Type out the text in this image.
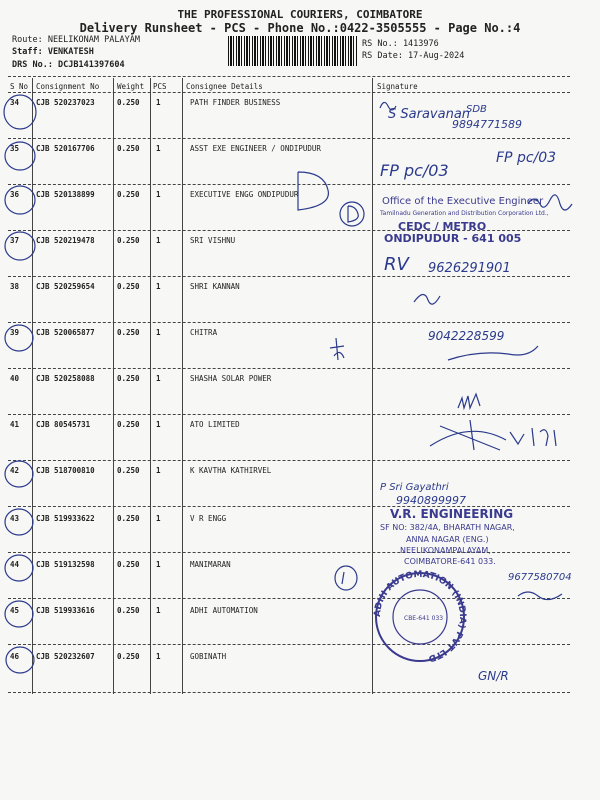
THE PROFESSIONAL COURIERS, COIMBATORE
Delivery Runsheet - PCS - Phone No.:0422-3505555 - Page No.:4
Route: NEELIKONAM PALAYAM
Staff: VENKATESH
DRS No.: DCJB141397604
RS No.: 1413976
RS Date: 17-Aug-2024
S No Consignment No Weight PCS	Consignee Details	Signature
34 CJB 520237023	0.250 1	PATH FINDER BUSINESS
35 CJB 520167706	0.250 1	ASST EXE ENGINEER / ONDIPUDUR
36 CJB 520138899	0.250 1	EXECUTIVE ENGG ONDIPUDUR
37 CJB 520219478	0.250 1	SRI VISHNU
38 CJB 520259654	0.250 1	SHRI KANNAN
39 CJB 520065877	0.250 1	CHITRA
40 CJB 520258088	0.250 1	SHASHA SOLAR POWER
41 CJB 80545731	0.250 1	ATO LIMITED
42 CJB 518700810	0.250 1	K KAVTHA KATHIRVEL
43 CJB 519933622	0.250 1	V R ENGG
44 CJB 519132598	0.250 1	MANIMARAN
45 CJB 519933616	0.250 1	ADHI AUTOMATION
46 CJB 520232607	0.250 1	GOBINATH
S Saravanan
SDB
9894771589
FP pc/03
FP pc/03
Office of the Executive Engineer
Tamilnadu Generation and Distribution Corporation Ltd.,
CEDC / METRO
ONDIPUDUR - 641 005
RV 9626291901
9042228599
P Sri Gayathri
9940899997
V.R. ENGINEERING
SF NO: 382/4A, BHARATH NAGAR,
ANNA NAGAR (ENG.)
NEELIKONAMPALAYAM,
COIMBATORE-641 033.
9677580704
ADHI AUTOMATION (INDIA) PVT LTD
CBE-641 033
GN/R
